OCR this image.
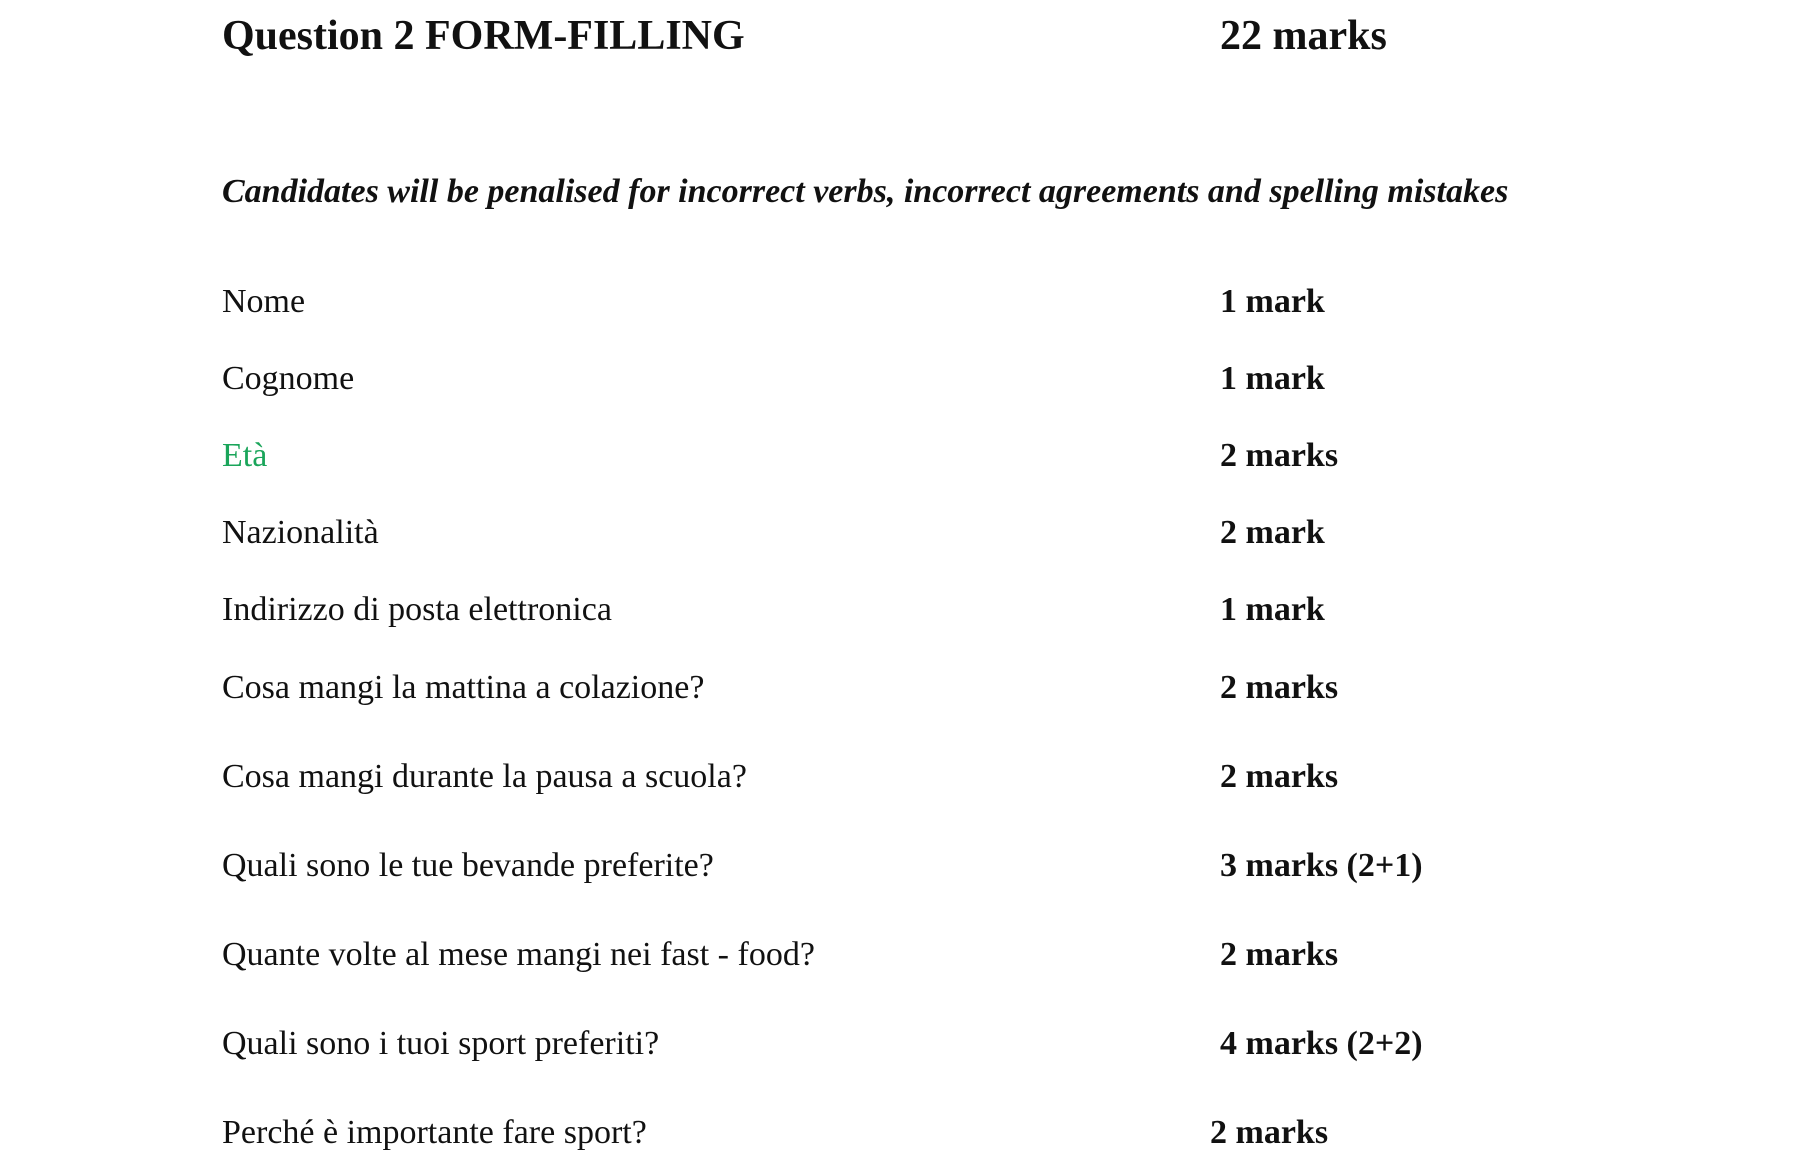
Question 2 FORM-FILLING	22 marks
Candidates will be penalised for incorrect verbs, incorrect agreements and spelling mistakes
Nome	1 mark
Cognome	1 mark
Età	2 marks
Nazionalità	2 mark
Indirizzo di posta elettronica	1 mark
Cosa mangi la mattina a colazione?	2 marks
Cosa mangi durante la pausa a scuola?	2 marks
Quali sono le tue bevande preferite?	3 marks (2+1)
Quante volte al mese mangi nei fast - food?	2 marks
Quali sono i tuoi sport preferiti?	4 marks (2+2)
Perché è importante fare sport?	2 marks
